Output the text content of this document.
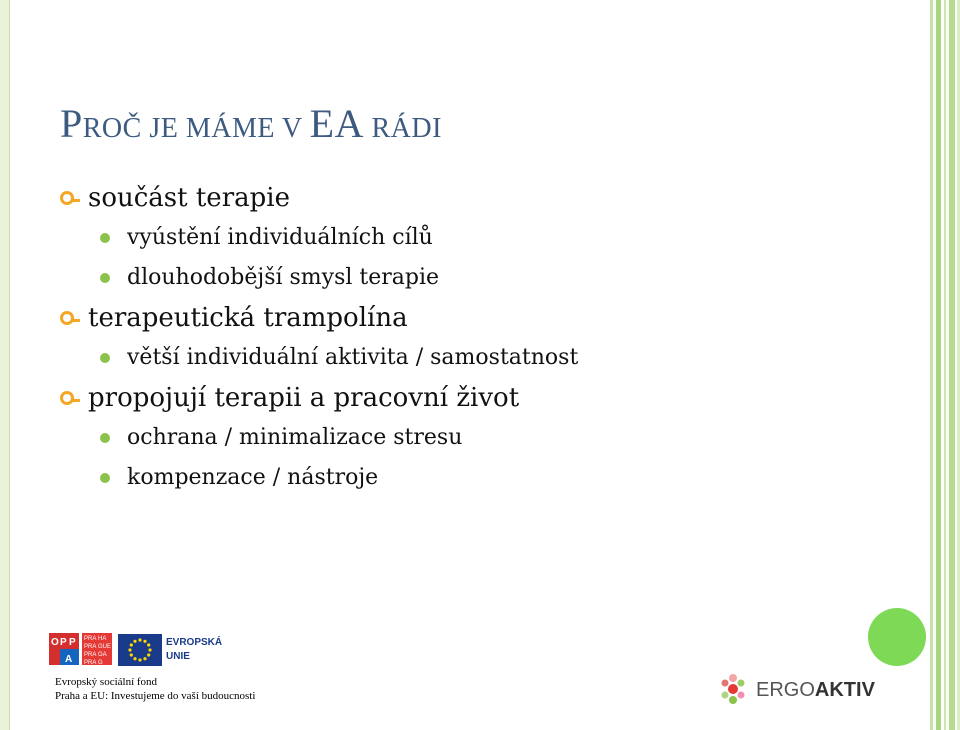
PROČ JE MÁME V EA RÁDI
součást terapie
vyústění individuálních cílů
dlouhodobější smysl terapie
terapeutická trampolína
větší individuální aktivita / samostatnost
propojují terapii a pracovní život
ochrana / minimalizace stresu
kompenzace / nástroje
O P P
A
PRA HA
PRA GUE
PRA GA
PRA G
EVROPSKÁ
UNIE
Evropský sociální fond
Praha a EU: Investujeme do vaší budoucnosti	ERGOAKTIV
